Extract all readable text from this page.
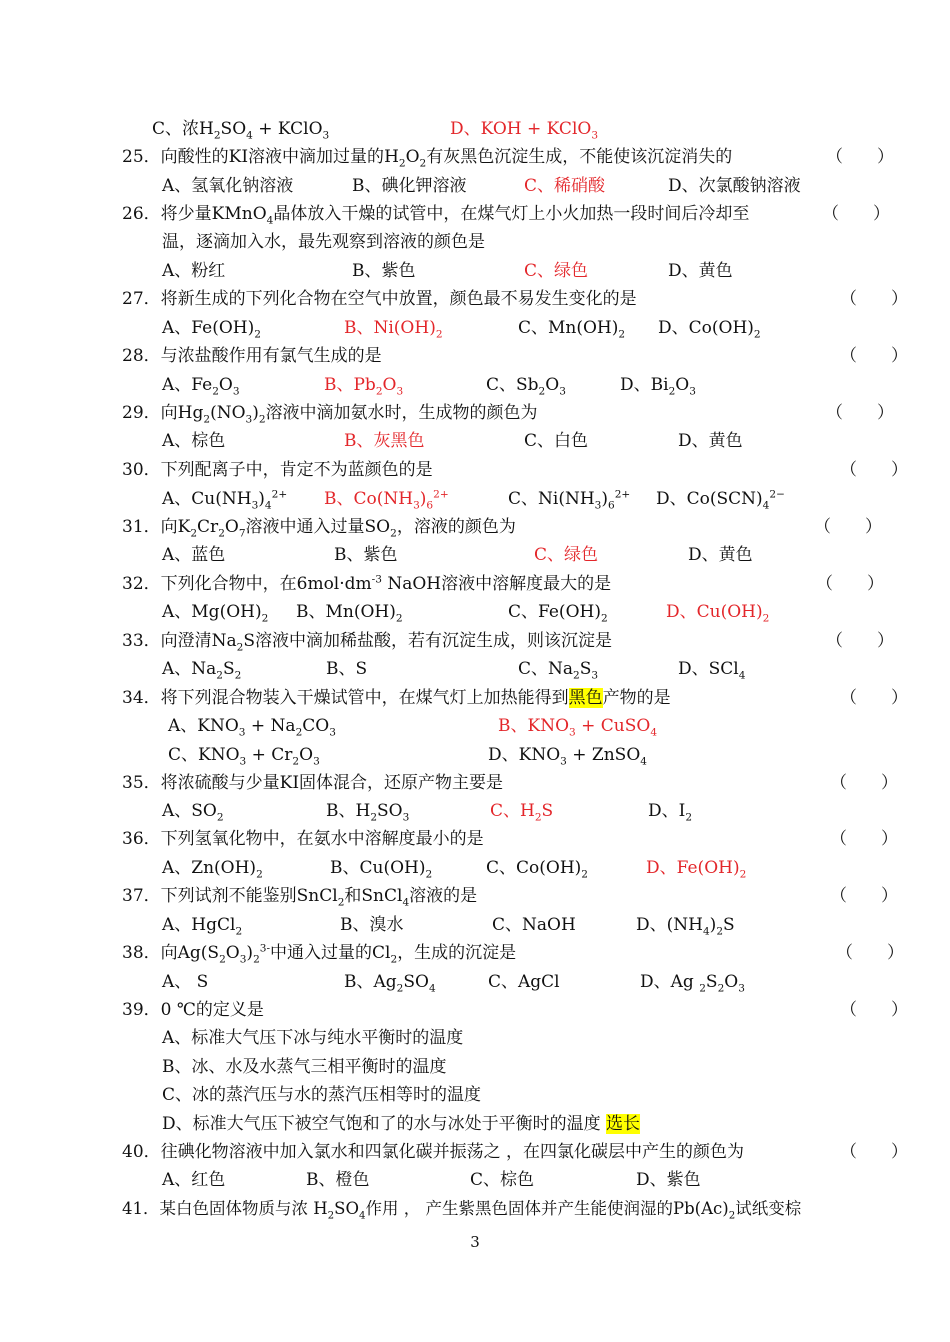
C、浓$H_2SO_4$ + KClO$_3$	D、KOH + KClO$_3$
25．向酸性的KI溶液中滴加过量的$H_2O_2$有灰黑色沉淀生成，不能使该沉淀消失的	（　　）
A、氢氧化钠溶液	B、碘化钾溶液	C、稀硝酸	D、次氯酸钠溶液
26．将少量KMnO$_4$晶体放入干燥的试管中，在煤气灯上小火加热一段时间后冷却至	（　　）
温，逐滴加入水，最先观察到溶液的颜色是
A、粉红	B、紫色	C、绿色	D、黄色
27．将新生成的下列化合物在空气中放置，颜色最不易发生变化的是	（　　）
A、$Fe(OH)_2$	B、$Ni(OH)_2$	C、$Mn(OH)_2$ D、$Co(OH)_2$
28．与浓盐酸作用有氯气生成的是	（　　）
A、$Fe_2O_3$	B、$Pb_2O_3$	C、$Sb_2O_3$	D、$Bi_2O_3$
29．向$Hg_2(NO_3)_2$溶液中滴加氨水时，生成物的颜色为	（　　）
A、棕色	B、灰黑色	C、白色	D、黄色
30．下列配离子中，肯定不为蓝颜色的是	（　　）
A、$Cu(NH_3)_4^{2+}$ B、$Co(NH_3)_6^{2+}$	C、$Ni(NH_3)_6^{2+}$ D、$Co(SCN)_4^{2-}$
31．向$K_2Cr_2O_7$溶液中通入过量$SO_2$，溶液的颜色为	（　　）
A、蓝色	B、紫色	C、绿色	D、黄色
32．下列化合物中，在$6mol\cdot dm^{-3}$ NaOH溶液中溶解度最大的是	（　　）
A、$Mg(OH)_2$ B、$Mn(OH)_2$	C、$Fe(OH)_2$	D、$Cu(OH)_2$
33．向澄清$Na_2S$溶液中滴加稀盐酸，若有沉淀生成，则该沉淀是	（　　）
A、$Na_2S_2$	B、S	C、$Na_2S_3$	D、SCl$_4$
34．将下列混合物装入干燥试管中，在煤气灯上加热能得到黑色产物的是	（　　）
A、$KNO_3 + Na_2CO_3$	B、$KNO_3$ + CuSO$_4$
C、$KNO_3 + Cr_2O_3$	D、$KNO_3$ + ZnSO$_4$
35．将浓硫酸与少量KI固体混合，还原产物主要是	（　　）
A、$SO_2$	B、$H_2SO_3$	C、$H_2S$	D、$I_2$
36．下列氢氧化物中，在氨水中溶解度最小的是	（　　）
A、$Zn(OH)_2$	B、$Cu(OH)_2$	C、$Co(OH)_2$	D、$Fe(OH)_2$
37．下列试剂不能鉴别SnCl$_2$和SnCl$_4$溶液的是	（　　）
A、HgCl$_2$	B、溴水	C、NaOH	D、$(NH_4)_2S$
38．向$Ag(S_2O_3)_2^{3-}$中通入过量的$Cl_2$，生成的沉淀是	（　　）
A、 S	B、$Ag_2SO_4$	C、AgCl	D、Ag $_2S_2O_3$
39．0 ℃的定义是	（　　）
A、标准大气压下冰与纯水平衡时的温度
B、冰、水及水蒸气三相平衡时的温度
C、冰的蒸汽压与水的蒸汽压相等时的温度
D、标准大气压下被空气饱和了的水与冰处于平衡时的温度 选长
40．往碘化物溶液中加入氯水和四氯化碳并振荡之 ，在四氯化碳层中产生的颜色为	（　　）
A、红色	B、橙色	C、棕色	D、紫色
41．某白色固体物质与浓 $H_2SO_4$作用 ， 产生紫黑色固体并产生能使润湿的$Pb(Ac)_2$试纸变棕
3
